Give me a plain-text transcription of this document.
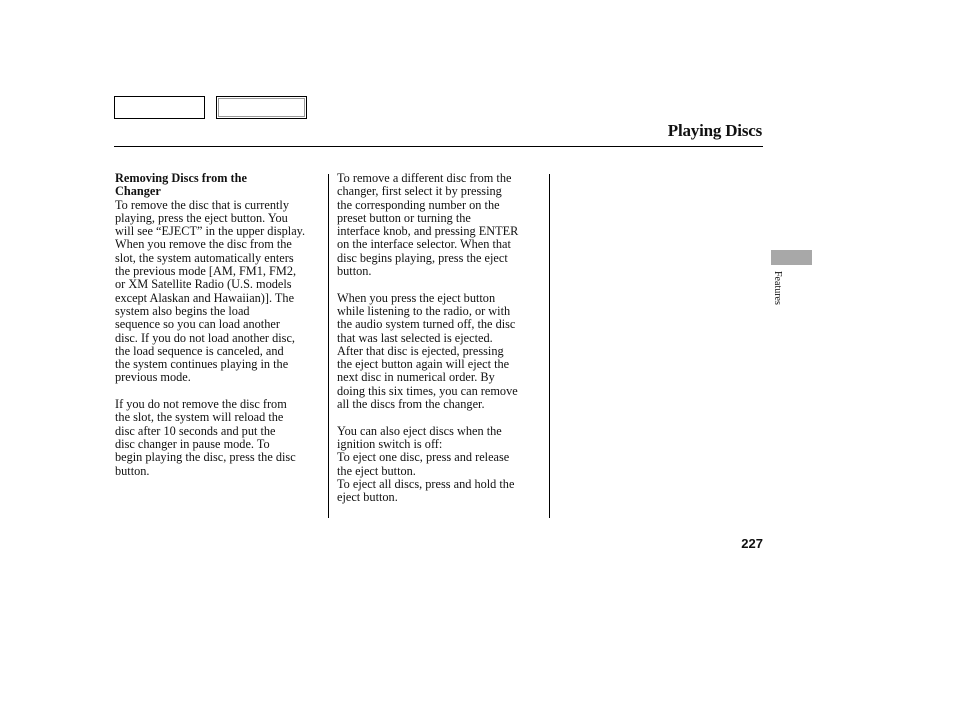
Playing Discs
Removing Discs from the
Changer

To remove the disc that is currently
playing, press the eject button. You
will see “EJECT” in the upper display.
When you remove the disc from the
slot, the system automatically enters
the previous mode [AM, FM1, FM2,
or XM Satellite Radio (U.S. models
except Alaskan and Hawaiian)]. The
system also begins the load
sequence so you can load another
disc. If you do not load another disc,
the load sequence is canceled, and
the system continues playing in the
previous mode.

If you do not remove the disc from
the slot, the system will reload the
disc after 10 seconds and put the
disc changer in pause mode. To
begin playing the disc, press the disc
button.

To remove a different disc from the
changer, first select it by pressing
the corresponding number on the
preset button or turning the
interface knob, and pressing ENTER
on the interface selector. When that
disc begins playing, press the eject
button.

When you press the eject button
while listening to the radio, or with
the audio system turned off, the disc
that was last selected is ejected.
After that disc is ejected, pressing
the eject button again will eject the
next disc in numerical order. By
doing this six times, you can remove
all the discs from the changer.

You can also eject discs when the
ignition switch is off:
To eject one disc, press and release
the eject button.
To eject all discs, press and hold the
eject button.

Features
227
